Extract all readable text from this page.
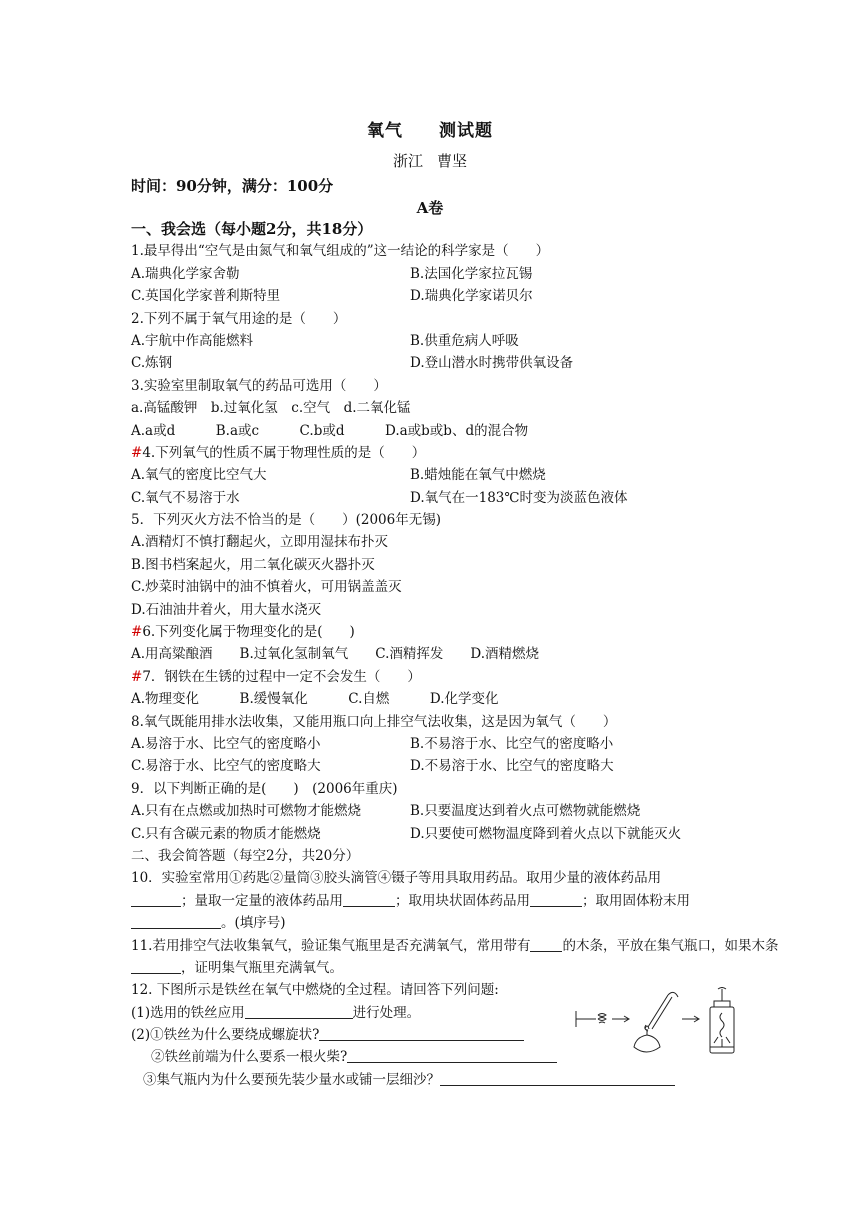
氧气 测试题
浙江 曹坚
时间：90分钟，满分：100分
A卷
一、我会选（每小题2分，共18分）
1.最早得出“空气是由氮气和氧气组成的”这一结论的科学家是（　　）
A.瑞典化学家舍勒	B.法国化学家拉瓦锡
C.英国化学家普利斯特里	D.瑞典化学家诺贝尔
2.下列不属于氧气用途的是（　　）
A.宇航中作高能燃料	B.供重危病人呼吸
C.炼钢	D.登山潜水时携带供氧设备
3.实验室里制取氧气的药品可选用（　　）
a.高锰酸钾　b.过氧化氢　c.空气　d.二氧化锰
A.a或d　　　B.a或c　　　C.b或d　　　D.a或b或b、d的混合物
#4.下列氧气的性质不属于物理性质的是（　　）
A.氧气的密度比空气大	B.蜡烛能在氧气中燃烧
C.氧气不易溶于水	D.氧气在一183℃时变为淡蓝色液体
5．下列灭火方法不恰当的是（　　）(2006年无锡)
A.酒精灯不慎打翻起火，立即用湿抹布扑灭
B.图书档案起火，用二氧化碳灭火器扑灭
C.炒菜时油锅中的油不慎着火，可用锅盖盖灭
D.石油油井着火，用大量水浇灭
#6.下列变化属于物理变化的是(　　)
A.用高粱酿酒　　B.过氧化氢制氧气　　C.酒精挥发　　D.酒精燃烧
#7．钢铁在生锈的过程中一定不会发生（　　）
A.物理变化　　　B.缓慢氧化　　　C.自燃　　　D.化学变化
8.氧气既能用排水法收集，又能用瓶口向上排空气法收集，这是因为氧气（　　）
A.易溶于水、比空气的密度略小	B.不易溶于水、比空气的密度略小
C.易溶于水、比空气的密度略大	D.不易溶于水、比空气的密度略大
9．以下判断正确的是(　　)　(2006年重庆)
A.只有在点燃或加热时可燃物才能燃烧	B.只要温度达到着火点可燃物就能燃烧
C.只有含碳元素的物质才能燃烧	D.只要使可燃物温度降到着火点以下就能灭火
二、我会简答题（每空2分，共20分）
10．实验室常用①药匙②量筒③胶头滴管④镊子等用具取用药品。取用少量的液体药品用
；量取一定量的液体药品用	；取用块状固体药品用	；取用固体粉末用
。(填序号)
11.若用排空气法收集氧气，验证集气瓶里是否充满氧气，常用带有 的木条，平放在集气瓶口，如果木条
，证明集气瓶里充满氧气。
12. 下图所示是铁丝在氧气中燃烧的全过程。请回答下列问题:
(1)选用的铁丝应用	进行处理。
(2)①铁丝为什么要绕成螺旋状?
②铁丝前端为什么要系一根火柴?
③集气瓶内为什么要预先装少量水或铺一层细沙？
